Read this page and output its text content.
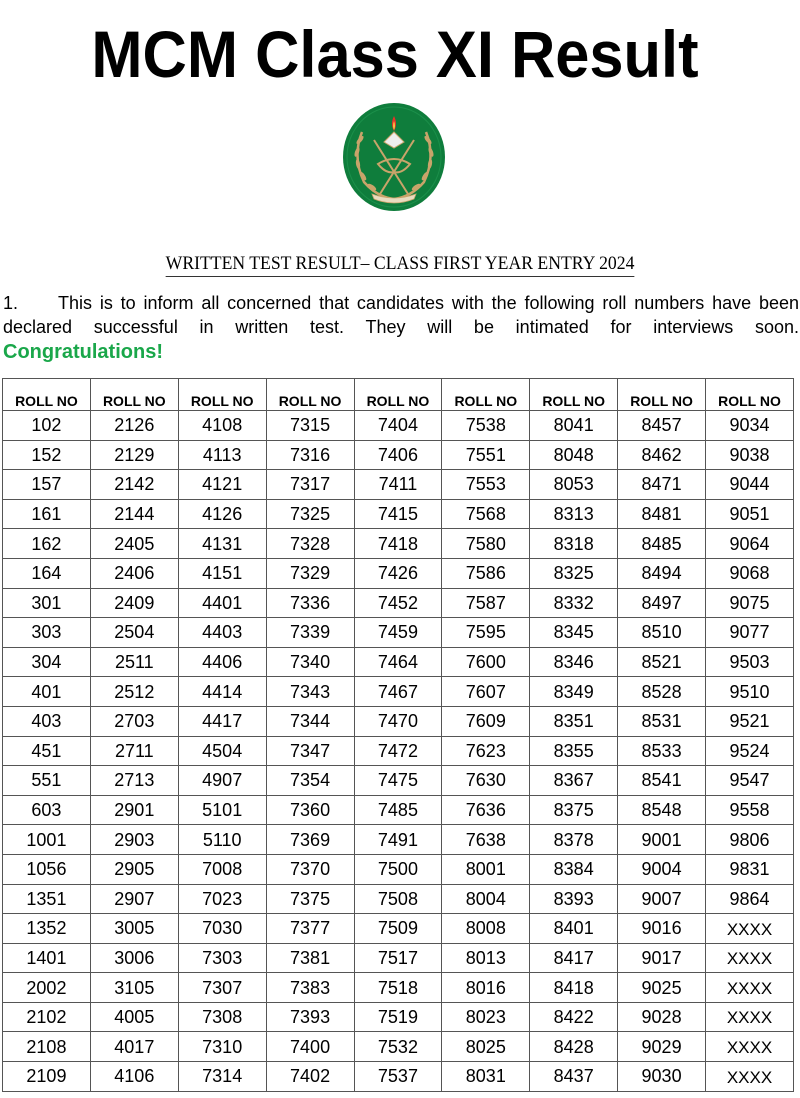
MCM Class XI Result
WRITTEN TEST RESULT– CLASS FIRST YEAR ENTRY 2024
1. This is to inform all concerned that candidates with the following roll numbers have been declared successful in written test. They will be intimated for interviews soon.
Congratulations!
ROLL NO	ROLL NO	ROLL NO	ROLL NO	ROLL NO	ROLL NO	ROLL NO	ROLL NO	ROLL NO
102	2126	4108	7315	7404	7538	8041	8457	9034
152	2129	4113	7316	7406	7551	8048	8462	9038
157	2142	4121	7317	7411	7553	8053	8471	9044
161	2144	4126	7325	7415	7568	8313	8481	9051
162	2405	4131	7328	7418	7580	8318	8485	9064
164	2406	4151	7329	7426	7586	8325	8494	9068
301	2409	4401	7336	7452	7587	8332	8497	9075
303	2504	4403	7339	7459	7595	8345	8510	9077
304	2511	4406	7340	7464	7600	8346	8521	9503
401	2512	4414	7343	7467	7607	8349	8528	9510
403	2703	4417	7344	7470	7609	8351	8531	9521
451	2711	4504	7347	7472	7623	8355	8533	9524
551	2713	4907	7354	7475	7630	8367	8541	9547
603	2901	5101	7360	7485	7636	8375	8548	9558
1001	2903	5110	7369	7491	7638	8378	9001	9806
1056	2905	7008	7370	7500	8001	8384	9004	9831
1351	2907	7023	7375	7508	8004	8393	9007	9864
1352	3005	7030	7377	7509	8008	8401	9016	XXXX
1401	3006	7303	7381	7517	8013	8417	9017	XXXX
2002	3105	7307	7383	7518	8016	8418	9025	XXXX
2102	4005	7308	7393	7519	8023	8422	9028	XXXX
2108	4017	7310	7400	7532	8025	8428	9029	XXXX
2109	4106	7314	7402	7537	8031	8437	9030	XXXX
